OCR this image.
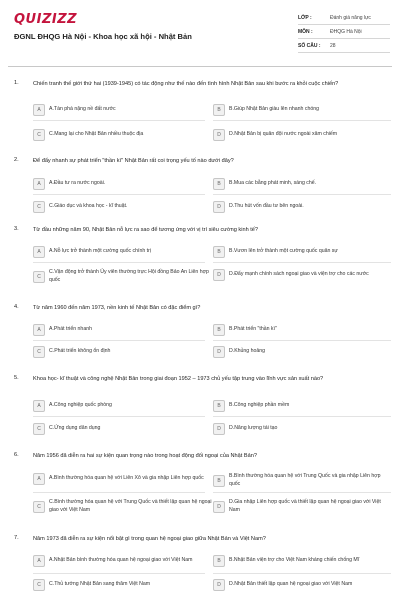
QUIZIZZ
ĐGNL ĐHQG Hà Nội - Khoa học xã hội - Nhật Bản
LỚP :	Đánh giá năng lực
MÔN :	ĐHQG Hà Nội
SỐ CÂU :	28
1.	Chiến tranh thế giới thứ hai (1939-1945) có tác động như thế nào đến tình hình Nhật Bản sau khi bước ra khỏi cuộc chiến?
A	A.Tàn phá nặng nề đất nước	B	B.Giúp Nhật Bản giàu lên nhanh chóng
C	C.Mang lại cho Nhật Bản nhiều thuộc địa	D	D.Nhật Bản bị quân đội nước ngoài xâm chiếm
2.	Để đẩy nhanh sự phát triển "thần kì" Nhật Bản rất coi trọng yếu tố nào dưới đây?
A	A.Đầu tư ra nước ngoài.	B	B.Mua các bằng phát minh, sáng chế.
C	C.Giáo dục và khoa học - kĩ thuật.	D	D.Thu hút vốn đầu tư bên ngoài.
3.	Từ đầu những năm 90, Nhật Bản nỗ lực ra sao để tương ứng với vị trí siêu cường kinh tế?
A	A.Nỗ lực trở thành một cường quốc chính trị	B	B.Vươn lên trở thành một cường quốc quân sự
C
C.Vận động trở thành Ủy viên thường trực Hội đồng Bảo An Liên hợp quốc
D	D.Đẩy mạnh chính sách ngoại giao và viện trợ cho các nước
4.	Từ năm 1960 đến năm 1973, nền kinh tế Nhật Bản có đặc điểm gì?
A	A.Phát triển nhanh	B	B.Phát triển "thần kì"
C	C.Phát triển không ổn định	D	D.Khủng hoảng
5.	Khoa học- kĩ thuật và công nghệ Nhật Bản trong giai đoạn 1952 – 1973 chủ yếu tập trung vào lĩnh vực sản xuất nào?
A	A.Công nghiệp quốc phòng	B	B.Công nghiệp phần mềm
C	C.Ứng dụng dân dụng	D	D.Năng lượng tái tạo
6.	Năm 1956 đã diễn ra hai sự kiện quan trọng nào trong hoạt động đối ngoại của Nhật Bản?
A	A.Bình thường hóa quan hệ với Liên Xô và gia nhập Liên hợp quốc	B
B.Bình thường hóa quan hệ với Trung Quốc và gia nhập Liên hợp quốc
C
C.Bình thường hóa quan hệ với Trung Quốc và thiết lập quan hệ ngoại giao với Việt Nam	D
D.Gia nhập Liên hợp quốc và thiết lập quan hệ ngoại giao với Việt Nam
7.	Năm 1973 đã diễn ra sự kiện nổi bật gì trong quan hệ ngoại giao giữa Nhật Bản và Việt Nam?
A	A.Nhật Bản bình thường hóa quan hệ ngoại giao với Việt Nam	B	B.Nhật Bản viện trợ cho Việt Nam kháng chiến chống Mĩ
C	C.Thủ tướng Nhật Bản sang thăm Việt Nam	D	D.Nhật Bản thiết lập quan hệ ngoại giao với Việt Nam
